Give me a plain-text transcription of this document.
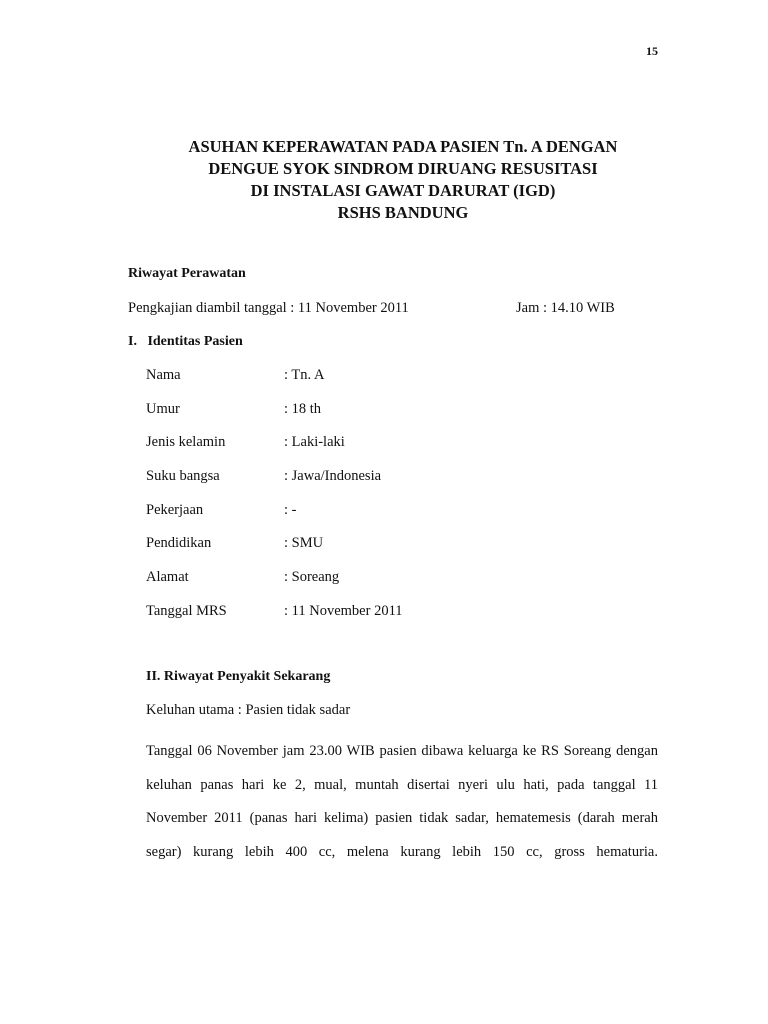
15
ASUHAN KEPERAWATAN PADA PASIEN Tn. A DENGAN
DENGUE SYOK SINDROM DIRUANG RESUSITASI
DI INSTALASI GAWAT DARURAT (IGD)
RSHS BANDUNG
Riwayat Perawatan
Pengkajian diambil tanggal : 11 November 2011	Jam : 14.10 WIB
I.   Identitas Pasien
Nama	: Tn. A
Umur	: 18 th
Jenis kelamin	: Laki-laki
Suku bangsa	: Jawa/Indonesia
Pekerjaan	: -
Pendidikan	: SMU
Alamat	: Soreang
Tanggal MRS	: 11 November 2011
II. Riwayat Penyakit Sekarang
Keluhan utama : Pasien tidak sadar
Tanggal 06 November jam 23.00 WIB pasien dibawa keluarga ke RS Soreang dengan keluhan panas hari ke 2, mual, muntah disertai nyeri ulu hati, pada tanggal 11 November 2011 (panas hari kelima) pasien tidak sadar, hematemesis (darah merah segar) kurang lebih 400 cc, melena kurang lebih 150 cc, gross hematuria.
